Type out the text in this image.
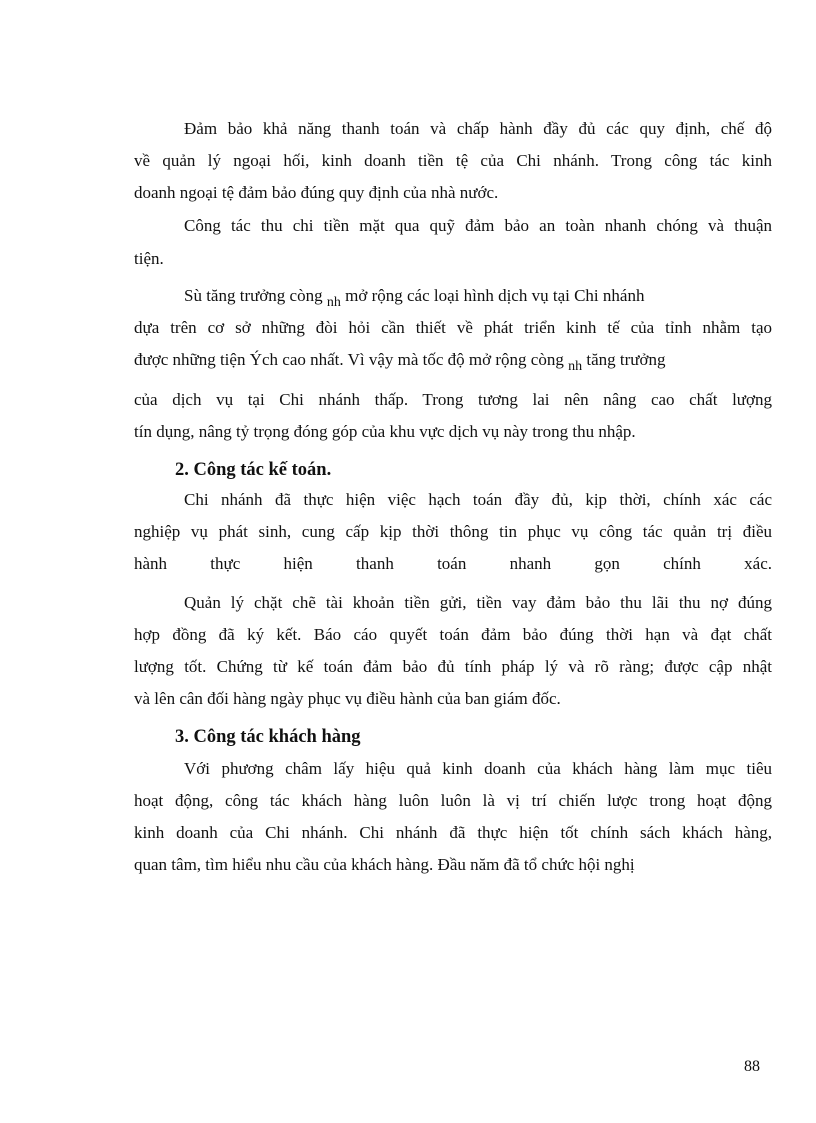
Đảm bảo khả năng thanh toán và chấp hành đầy đủ các quy định, chế độ

về quản lý ngoại hối, kinh doanh tiền tệ của Chi nhánh. Trong công tác kinh

doanh ngoại tệ đảm bảo đúng quy định của nhà nước.

Công tác thu chi tiền mặt qua quỹ đảm bảo an toàn nhanh chóng và thuận

tiện.

Sù tăng trưởng còng $_{nh}$ mở rộng các loại hình dịch vụ tại Chi nhánh

dựa trên cơ sở những đòi hỏi cần thiết về phát triển kinh tế của tỉnh nhằm tạo

được những tiện Ých cao nhất. Vì vậy mà tốc độ mở rộng còng $_{nh}$ tăng trưởng

của dịch vụ tại Chi nhánh thấp. Trong tương lai nên nâng cao chất lượng

tín dụng, nâng tỷ trọng đóng góp của khu vực dịch vụ này trong thu nhập.

2. Công tác kế toán.

Chi nhánh đã thực hiện việc hạch toán đầy đủ, kịp thời, chính xác các

nghiệp vụ phát sinh, cung cấp kịp thời thông tin phục vụ công tác quản trị điều

hành thực hiện thanh toán nhanh gọn chính xác.

Quản lý chặt chẽ tài khoản tiền gửi, tiền vay đảm bảo thu lãi thu nợ đúng

hợp đồng đã ký kết. Báo cáo quyết toán đảm bảo đúng thời hạn và đạt chất

lượng tốt. Chứng từ kế toán đảm bảo đủ tính pháp lý và rõ ràng; được cập nhật

và lên cân đối hàng ngày phục vụ điều hành của ban giám đốc.

3. Công tác khách hàng

Với phương châm lấy hiệu quả kinh doanh của khách hàng làm mục tiêu

hoạt động, công tác khách hàng luôn luôn là vị trí chiến lược trong hoạt động

kinh doanh của Chi nhánh. Chi nhánh đã thực hiện tốt chính sách khách hàng,

quan tâm, tìm hiểu nhu cầu của khách hàng. Đầu năm đã tổ chức hội nghị

88
